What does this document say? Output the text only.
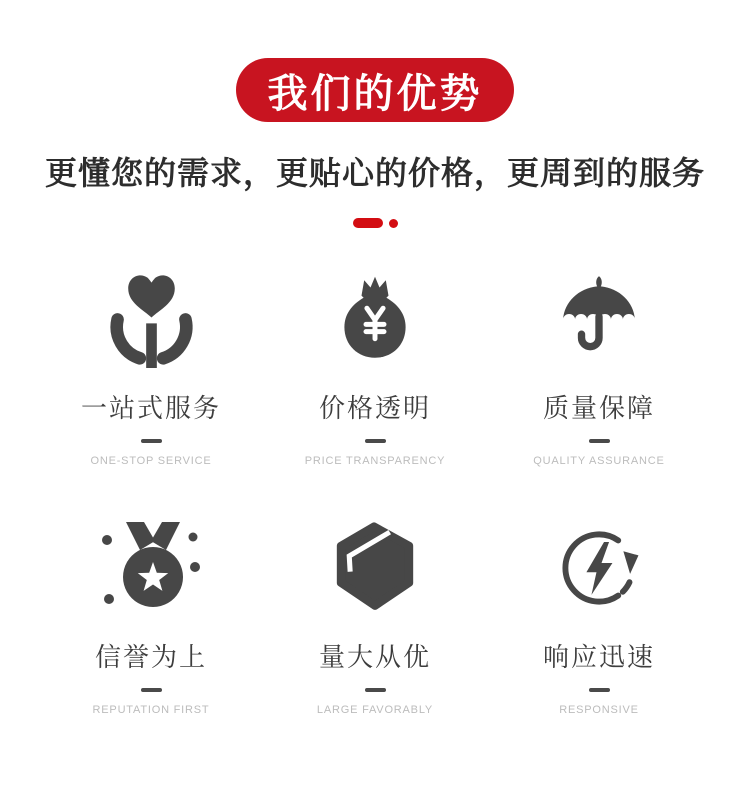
我们的优势
更懂您的需求，更贴心的价格，更周到的服务
一站式服务
ONE-STOP SERVICE
价格透明
PRICE TRANSPARENCY
质量保障
QUALITY ASSURANCE
信誉为上
REPUTATION FIRST
量大从优
LARGE FAVORABLY
响应迅速
RESPONSIVE
